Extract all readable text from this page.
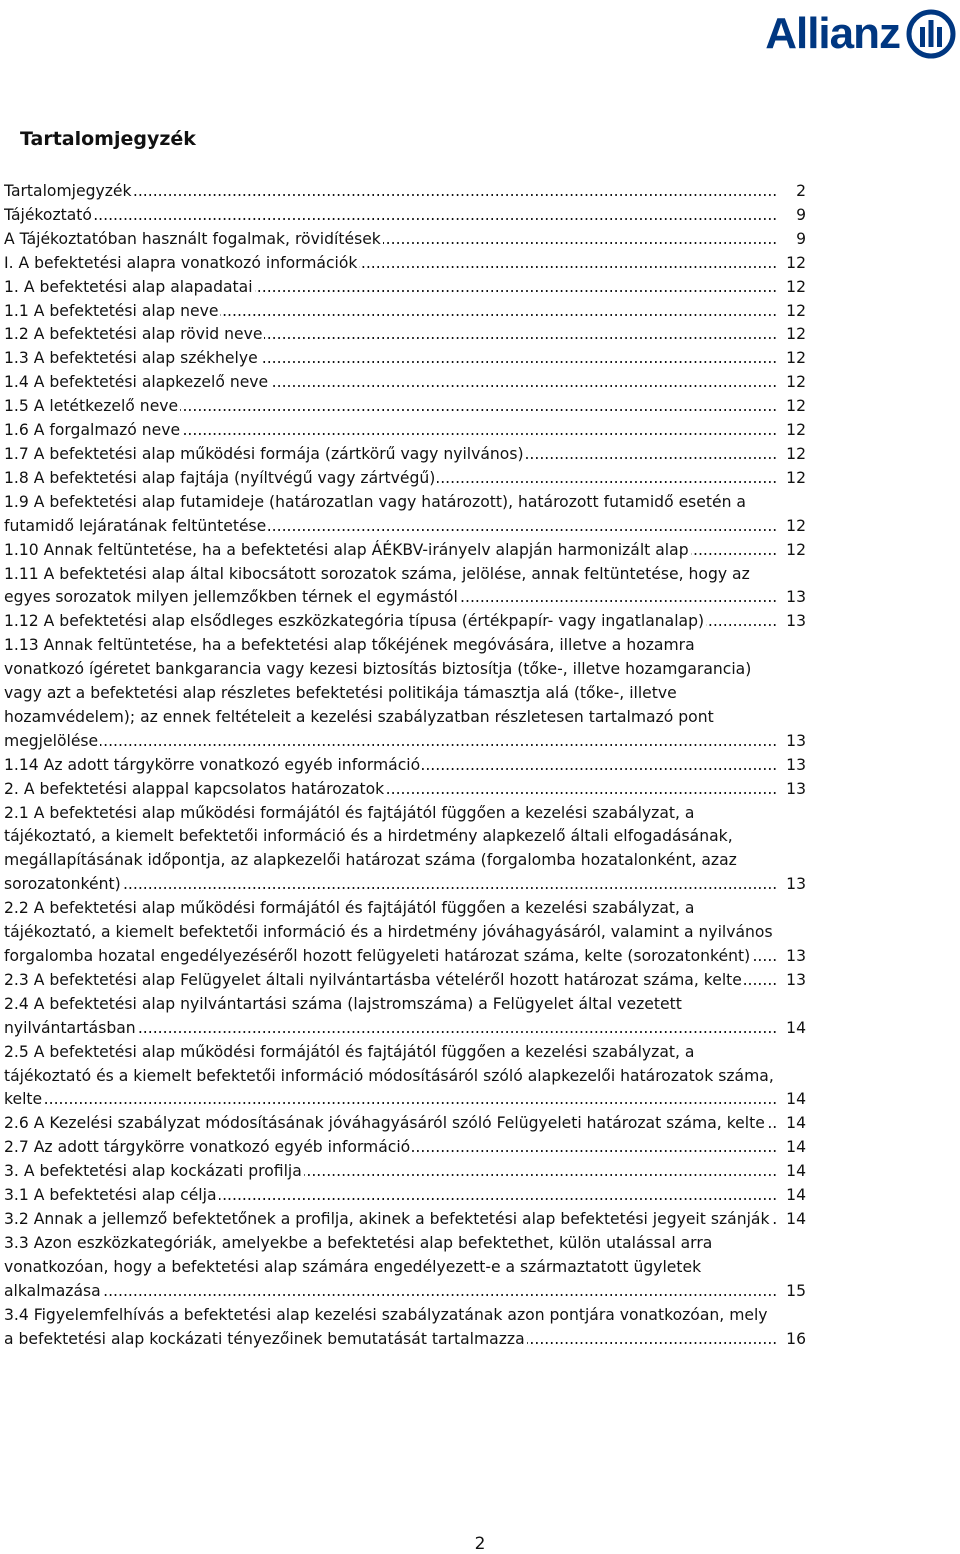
Allianz
Tartalomjegyzék
Tartalomjegyzék	2
.....
Tájékoztató	9
.....
A Tájékoztatóban használt fogalmak, rövidítések	9
.....
I. A befektetési alapra vonatkozó információk	12
.....
1. A befektetési alap alapadatai	12
.....
1.1 A befektetési alap neve	12
.....
1.2 A befektetési alap rövid neve	12
.....
1.3 A befektetési alap székhelye	12
.....
1.4 A befektetési alapkezelő neve	12
.....
1.5 A letétkezelő neve	12
.....
1.6 A forgalmazó neve	12
.....
1.7 A befektetési alap működési formája (zártkörű vagy nyilvános)	12
.....
1.8 A befektetési alap fajtája (nyíltvégű vagy zártvégű)	12
.....
1.9 A befektetési alap futamideje (határozatlan vagy határozott), határozott futamidő esetén a futamidő lejáratának feltüntetése	12
.....
1.10 Annak feltüntetése, ha a befektetési alap ÁÉKBV-irányelv alapján harmonizált alap	12
.....
1.11 A befektetési alap által kibocsátott sorozatok száma, jelölése, annak feltüntetése, hogy az egyes sorozatok milyen jellemzőkben térnek el egymástól	13
.....
1.12 A befektetési alap elsődleges eszközkategória típusa (értékpapír- vagy ingatlanalap)	13
.....
1.13 Annak feltüntetése, ha a befektetési alap tőkéjének megóvására, illetve a hozamra vonatkozó ígéretet bankgarancia vagy kezesi biztosítás biztosítja (tőke-, illetve hozamgarancia) vagy azt a befektetési alap részletes befektetési politikája támasztja alá (tőke-, illetve hozamvédelem); az ennek feltételeit a kezelési szabályzatban részletesen tartalmazó pont megjelölése	13
.....
1.14 Az adott tárgykörre vonatkozó egyéb információ	13
.....
2. A befektetési alappal kapcsolatos határozatok	13
.....
2.1 A befektetési alap működési formájától és fajtájától függően a kezelési szabályzat, a tájékoztató, a kiemelt befektetői információ és a hirdetmény alapkezelő általi elfogadásának, megállapításának időpontja, az alapkezelői határozat száma (forgalomba hozatalonként, azaz sorozatonként)	13
.....
2.2 A befektetési alap működési formájától és fajtájától függően a kezelési szabályzat, a tájékoztató, a kiemelt befektetői információ és a hirdetmény jóváhagyásáról, valamint a nyilvános forgalomba hozatal engedélyezéséről hozott felügyeleti határozat száma, kelte (sorozatonként)	13
.....
2.3 A befektetési alap Felügyelet általi nyilvántartásba vételéről hozott határozat száma, kelte	13
.....
2.4 A befektetési alap nyilvántartási száma (lajstromszáma) a Felügyelet által vezetett nyilvántartásban	14
.....
2.5 A befektetési alap működési formájától és fajtájától függően a kezelési szabályzat, a tájékoztató és a kiemelt befektetői információ módosításáról szóló alapkezelői határozatok száma, kelte	14
.....
2.6 A Kezelési szabályzat módosításának jóváhagyásáról szóló Felügyeleti határozat száma, kelte	14
.....
2.7 Az adott tárgykörre vonatkozó egyéb információ	14
.....
3. A befektetési alap kockázati profilja	14
.....
3.1 A befektetési alap célja	14
.....
3.2 Annak a jellemző befektetőnek a profilja, akinek a befektetési alap befektetési jegyeit szánják	14
.....
3.3 Azon eszközkategóriák, amelyekbe a befektetési alap befektethet, külön utalással arra vonatkozóan, hogy a befektetési alap számára engedélyezett-e a származtatott ügyletek alkalmazása	15
.....
3.4 Figyelemfelhívás a befektetési alap kezelési szabályzatának azon pontjára vonatkozóan, mely a befektetési alap kockázati tényezőinek bemutatását tartalmazza	16
.....
2
